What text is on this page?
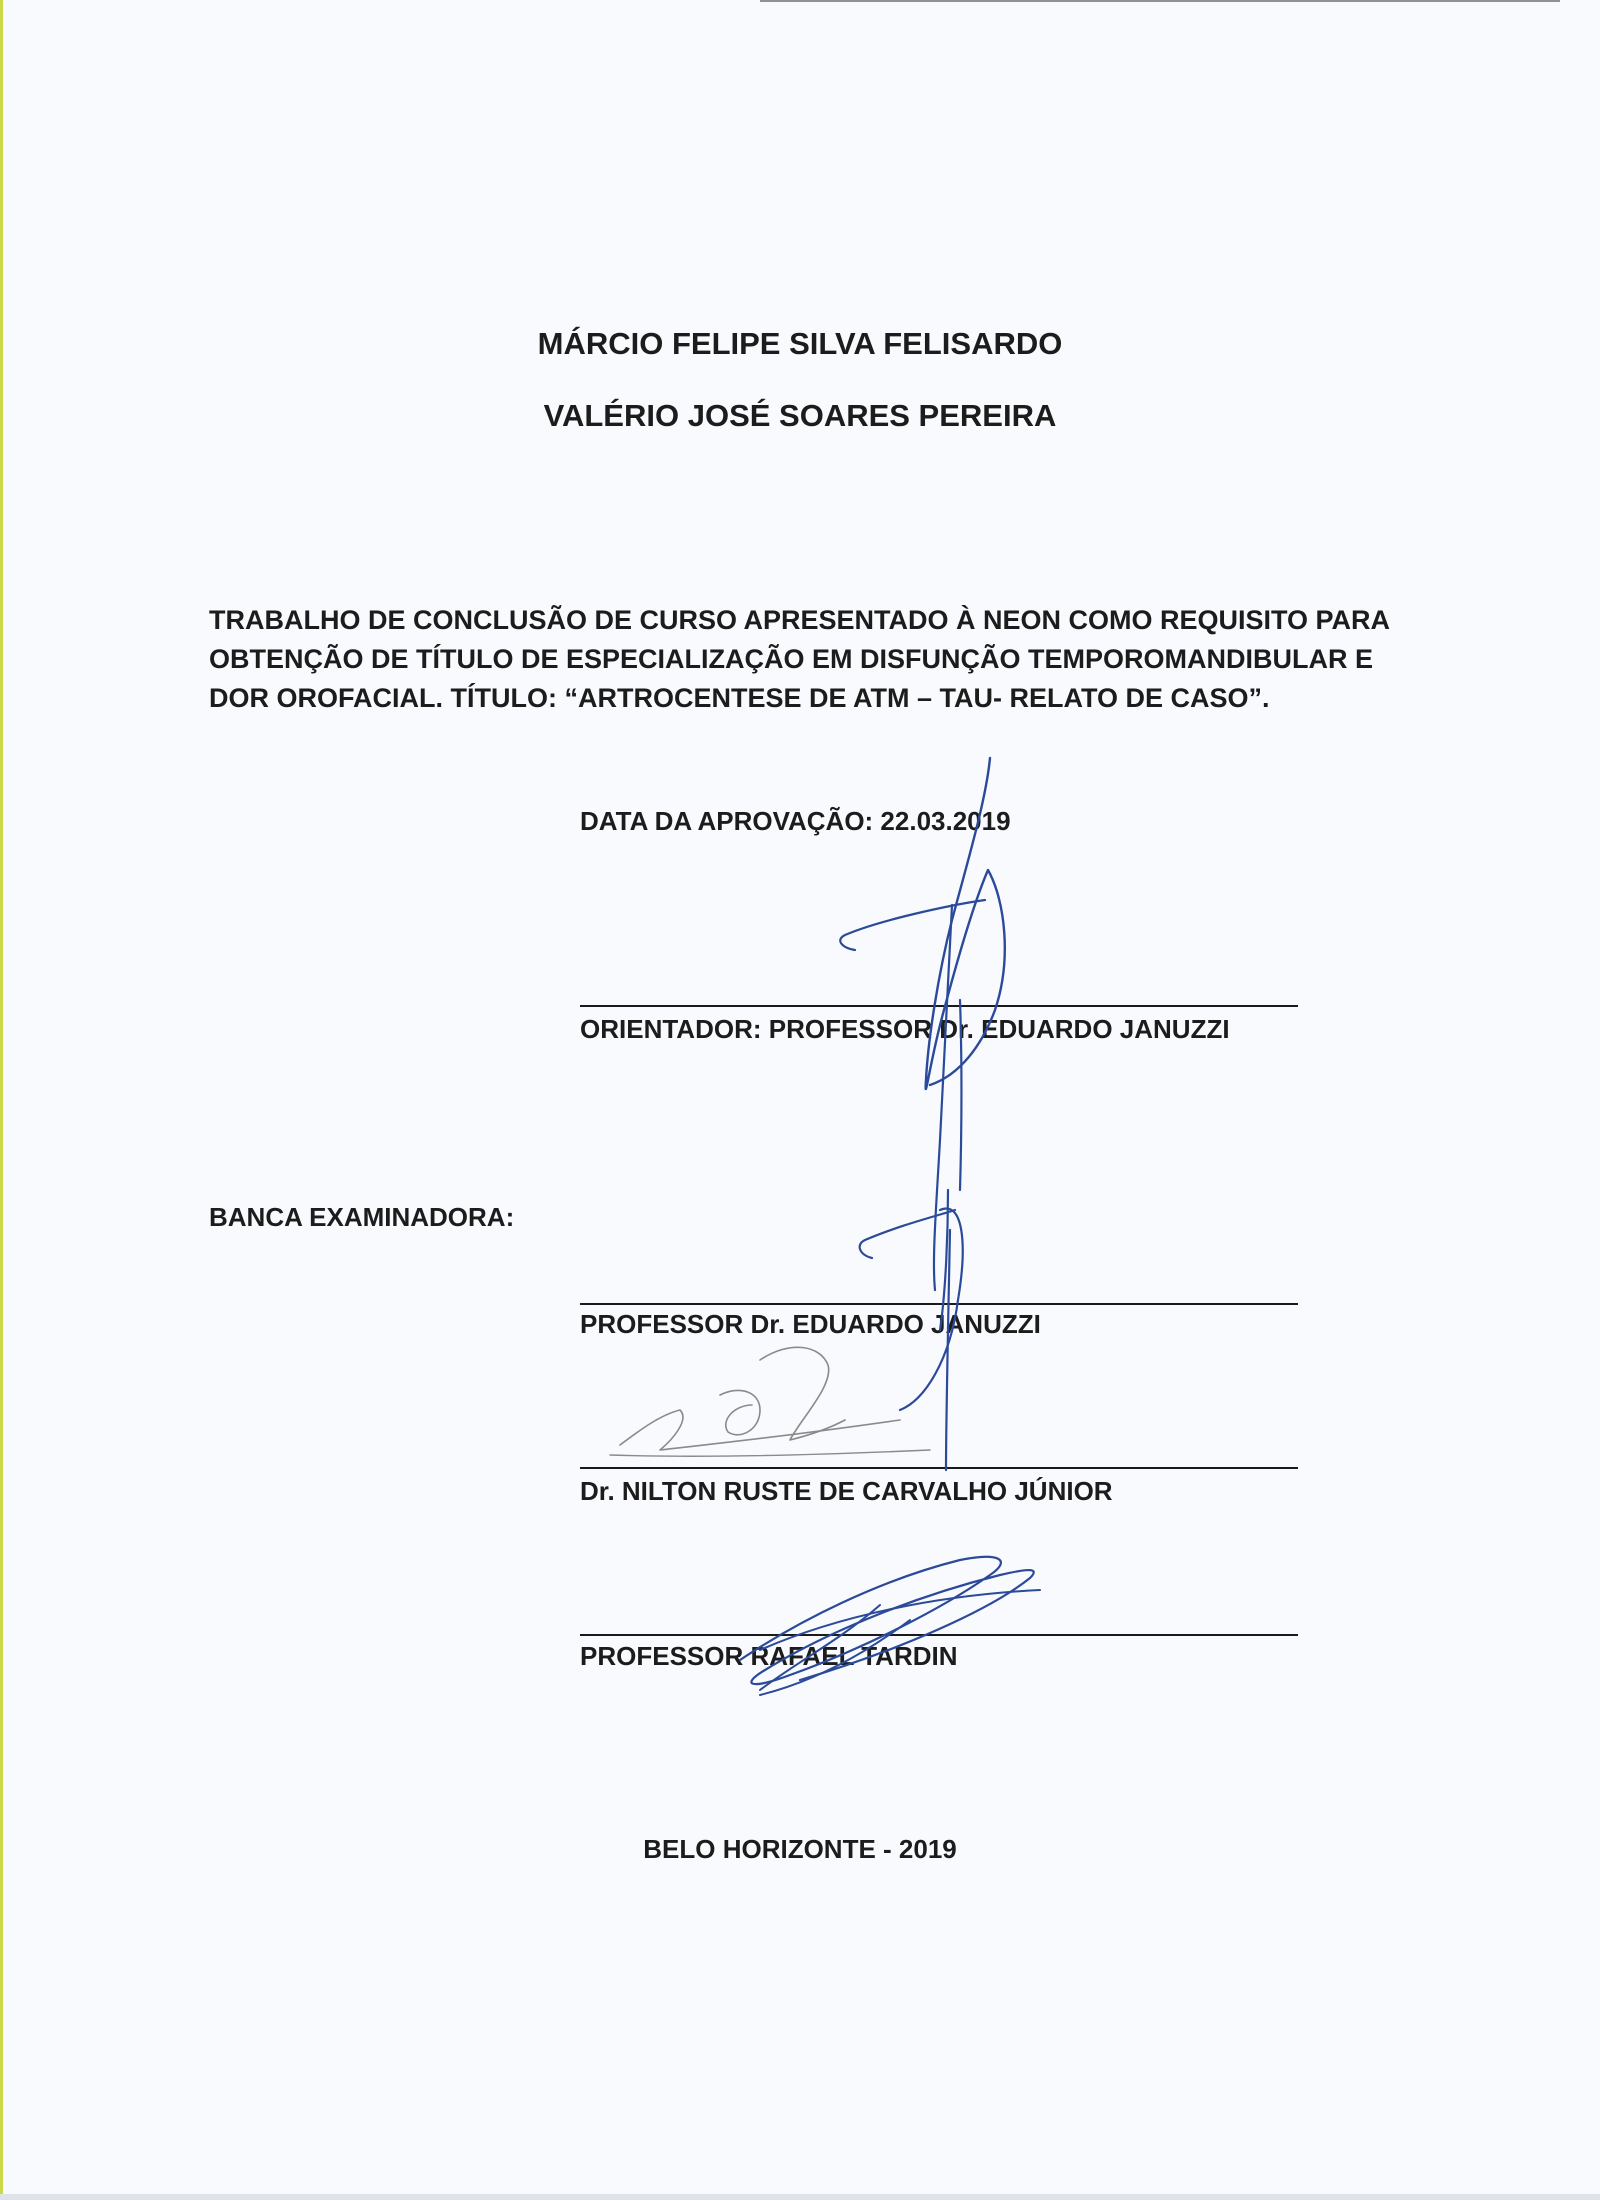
MÁRCIO FELIPE SILVA FELISARDO
VALÉRIO JOSÉ SOARES PEREIRA
TRABALHO DE CONCLUSÃO DE CURSO APRESENTADO À NEON COMO REQUISITO PARA
OBTENÇÃO DE TÍTULO DE ESPECIALIZAÇÃO EM DISFUNÇÃO TEMPOROMANDIBULAR E
DOR OROFACIAL. TÍTULO: “ARTROCENTESE DE ATM – TAU- RELATO DE CASO”.
DATA DA APROVAÇÃO: 22.03.2019
ORIENTADOR: PROFESSOR Dr. EDUARDO JANUZZI
BANCA EXAMINADORA:
PROFESSOR Dr. EDUARDO JANUZZI
Dr. NILTON RUSTE DE CARVALHO JÚNIOR
PROFESSOR RAFAEL TARDIN
BELO HORIZONTE - 2019
